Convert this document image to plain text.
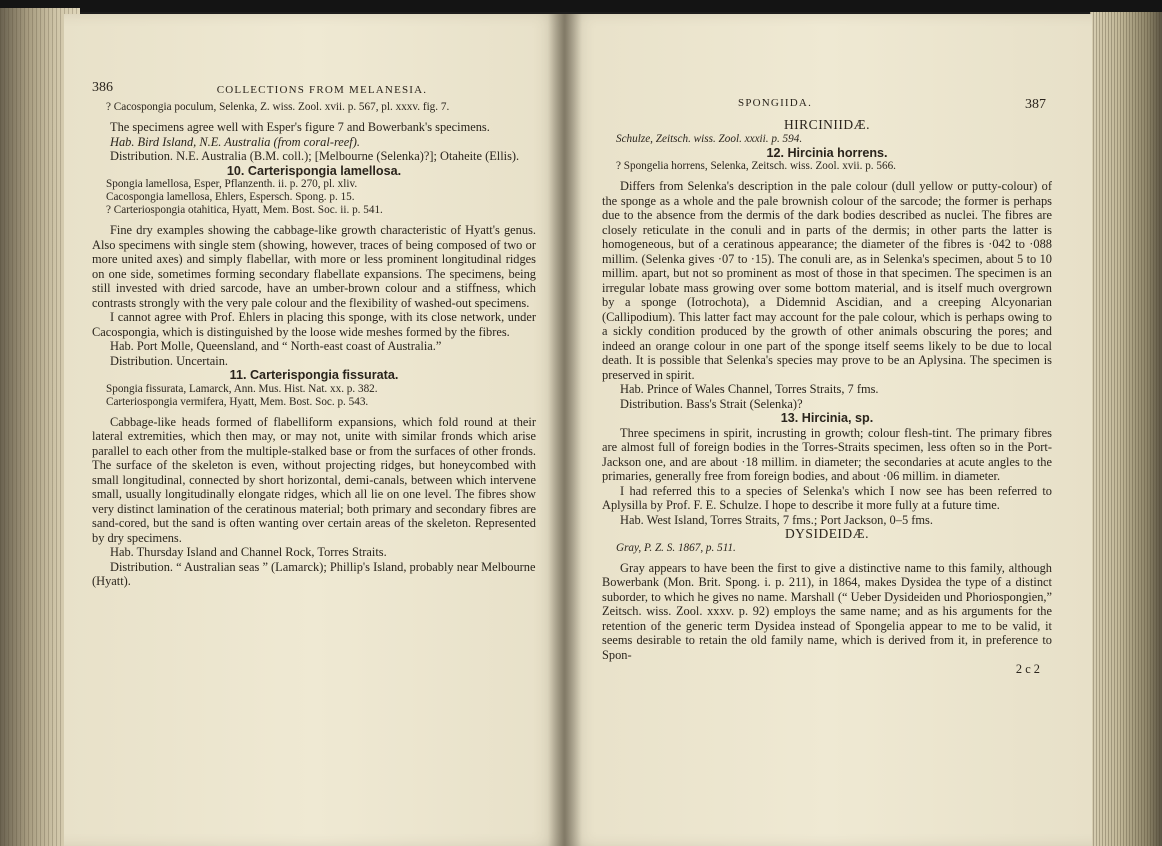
386	COLLECTIONS FROM MELANESIA.

? Cacospongia poculum, Selenka, Z. wiss. Zool. xvii. p. 567, pl. xxxv. fig. 7.

The specimens agree well with Esper's figure 7 and Bowerbank's specimens.

Hab. Bird Island, N.E. Australia (from coral-reef).

Distribution. N.E. Australia (B.M. coll.); [Melbourne (Selenka)?]; Otaheite (Ellis).

10. Carterispongia lamellosa.

Spongia lamellosa, Esper, Pflanzenth. ii. p. 270, pl. xliv.

Cacospongia lamellosa, Ehlers, Espersch. Spong. p. 15.

? Carteriospongia otahitica, Hyatt, Mem. Bost. Soc. ii. p. 541.

Fine dry examples showing the cabbage-like growth characteristic of Hyatt's genus. Also specimens with single stem (showing, however, traces of being composed of two or more united axes) and simply flabellar, with more or less prominent longitudinal ridges on one side, sometimes forming secondary flabellate expansions. The specimens, being still invested with dried sarcode, have an umber-brown colour and a stiffness, which contrasts strongly with the very pale colour and the flexibility of washed-out specimens.

I cannot agree with Prof. Ehlers in placing this sponge, with its close network, under Cacospongia, which is distinguished by the loose wide meshes formed by the fibres.

Hab. Port Molle, Queensland, and “ North-east coast of Australia.”

Distribution. Uncertain.

11. Carterispongia fissurata.

Spongia fissurata, Lamarck, Ann. Mus. Hist. Nat. xx. p. 382.

Carteriospongia vermifera, Hyatt, Mem. Bost. Soc. p. 543.

Cabbage-like heads formed of flabelliform expansions, which fold round at their lateral extremities, which then may, or may not, unite with similar fronds which arise parallel to each other from the multiple-stalked base or from the surfaces of other fronds. The surface of the skeleton is even, without projecting ridges, but honeycombed with small longitudinal, connected by short horizontal, demi-canals, between which intervene small, usually longitudinally elongate ridges, which all lie on one level. The fibres show very distinct lamination of the ceratinous material; both primary and secondary fibres are sand-cored, but the sand is often wanting over certain areas of the skeleton. Represented by dry specimens.

Hab. Thursday Island and Channel Rock, Torres Straits.

Distribution. “ Australian seas ” (Lamarck); Phillip's Island, probably near Melbourne (Hyatt).

SPONGIIDA.	387

HIRCINIIDÆ.

Schulze, Zeitsch. wiss. Zool. xxxii. p. 594.

12. Hircinia horrens.

? Spongelia horrens, Selenka, Zeitsch. wiss. Zool. xvii. p. 566.

Differs from Selenka's description in the pale colour (dull yellow or putty-colour) of the sponge as a whole and the pale brownish colour of the sarcode; the former is perhaps due to the absence from the dermis of the dark bodies described as nuclei. The fibres are closely reticulate in the conuli and in parts of the dermis; in other parts the latter is homogeneous, but of a ceratinous appearance; the diameter of the fibres is ·042 to ·088 millim. (Selenka gives ·07 to ·15). The conuli are, as in Selenka's specimen, about 5 to 10 millim. apart, but not so prominent as most of those in that specimen. The specimen is an irregular lobate mass growing over some bottom material, and is itself much overgrown by a sponge (Iotrochota), a Didemnid Ascidian, and a creeping Alcyonarian (Callipodium). This latter fact may account for the pale colour, which is perhaps owing to a sickly condition produced by the growth of other animals obscuring the pores; and indeed an orange colour in one part of the sponge itself seems likely to be due to local death. It is possible that Selenka's species may prove to be an Aplysina. The specimen is preserved in spirit.

Hab. Prince of Wales Channel, Torres Straits, 7 fms.

Distribution. Bass's Strait (Selenka)?

13. Hircinia, sp.

Three specimens in spirit, incrusting in growth; colour flesh-tint. The primary fibres are almost full of foreign bodies in the Torres-Straits specimen, less often so in the Port-Jackson one, and are about ·18 millim. in diameter; the secondaries at acute angles to the primaries, generally free from foreign bodies, and about ·06 millim. in diameter.

I had referred this to a species of Selenka's which I now see has been referred to Aplysilla by Prof. F. E. Schulze. I hope to describe it more fully at a future time.

Hab. West Island, Torres Straits, 7 fms.; Port Jackson, 0–5 fms.

DYSIDEIDÆ.

Gray, P. Z. S. 1867, p. 511.

Gray appears to have been the first to give a distinctive name to this family, although Bowerbank (Mon. Brit. Spong. i. p. 211), in 1864, makes Dysidea the type of a distinct suborder, to which he gives no name. Marshall (“ Ueber Dysideiden und Phoriospongien,” Zeitsch. wiss. Zool. xxxv. p. 92) employs the same name; and as his arguments for the retention of the generic term Dysidea instead of Spongelia appear to me to be valid, it seems desirable to retain the old family name, which is derived from it, in preference to Spon-

2 c 2
